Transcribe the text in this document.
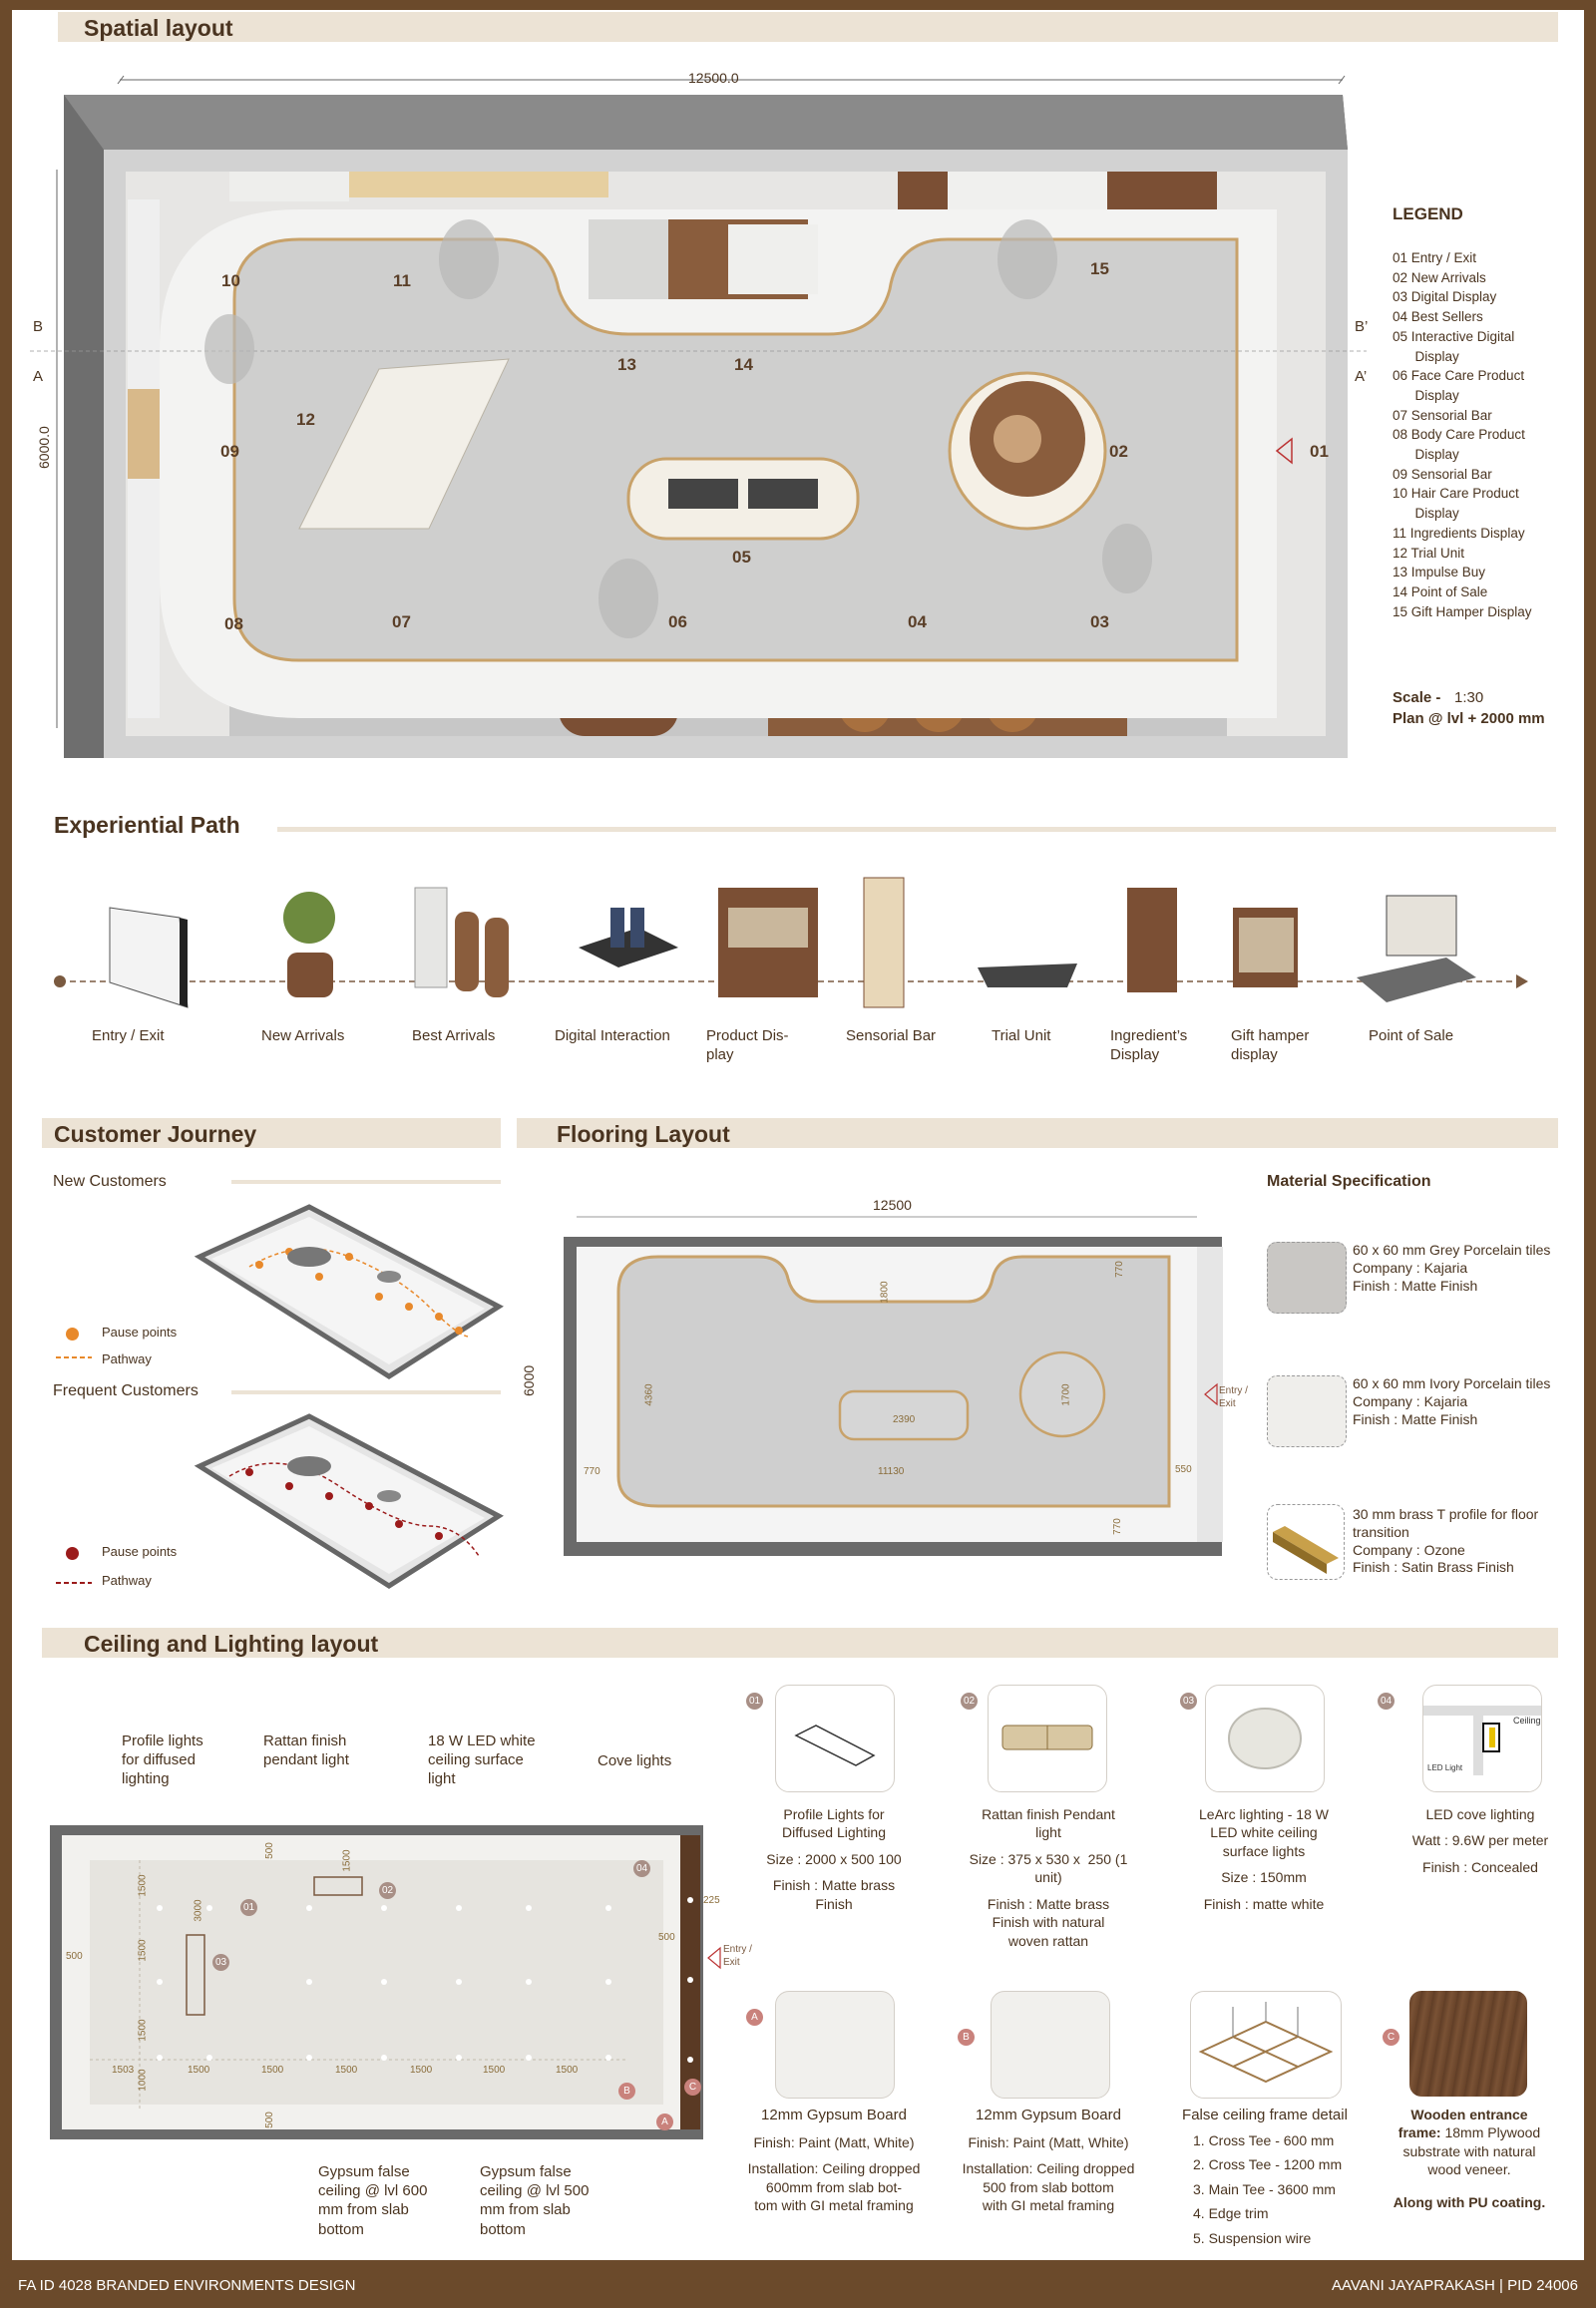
Spatial layout
12500.0
6000.0
B
A
B’
A’
01
02
03
04
05
06
07
08
09
10	11
12
13	14
15
LEGEND
01 Entry / Exit
02 New Arrivals
03 Digital Display
04 Best Sellers
05 Interactive Digital
Display
06 Face Care Product
Display
07 Sensorial Bar
08 Body Care Product
Display
09 Sensorial Bar
10 Hair Care Product
Display
11 Ingredients Display
12 Trial Unit
13 Impulse Buy
14 Point of Sale
15 Gift Hamper Display
Scale - 1:30
Plan @ lvl + 2000 mm
Experiential Path
Entry / Exit	New Arrivals	Best Arrivals	Digital Interaction	Product Dis-
play
Sensorial Bar	Trial Unit	Ingredient’s
Display
Gift hamper
display
Point of Sale
Customer Journey
New Customers
Pause points
Pathway
Frequent Customers
Pause points
Pathway
Flooring Layout
12500
6000
1800
770
4360
770
1700
2390
11130	550
770
Entry /
Exit
Material Specification
60 x 60 mm Grey Porcelain tiles
Company : Kajaria
Finish : Matte Finish
60 x 60 mm Ivory Porcelain tiles
Company : Kajaria
Finish : Matte Finish
30 mm brass T profile for floor transition
Company : Ozone
Finish : Satin Brass Finish
Ceiling and Lighting layout
Profile lights
for diffused
lighting
Rattan finish
pendant light
18 W LED white
ceiling surface
light
Cove lights
1503	1500	1500	1500	1500	1500	1500
1000
1500
1500
1500
500
3000
1500
500
225
500
500
Entry /
Exit
01
02
03
04
A
B	C
Gypsum false
ceiling @ lvl 600
mm from slab
bottom
Gypsum false
ceiling @ lvl 500
mm from slab
bottom
01
Profile Lights for
Diffused Lighting
Size : 2000 x 500 100
Finish : Matte brass
Finish
02
Rattan finish Pendant
light
Size : 375 x 530 x  250 (1
unit)
Finish : Matte brass
Finish with natural
woven rattan
03
LeArc lighting - 18 W
LED white ceiling
surface lights
Size : 150mm
Finish : matte white
04
Ceiling
LED Light
LED cove lighting
Watt : 9.6W per meter
Finish : Concealed
A
12mm Gypsum Board
Finish: Paint (Matt, White)
Installation: Ceiling dropped
600mm from slab bot-
tom with GI metal framing
B
12mm Gypsum Board
Finish: Paint (Matt, White)
Installation: Ceiling dropped
500 from slab bottom
with GI metal framing
False ceiling frame detail
1. Cross Tee - 600 mm
2. Cross Tee - 1200 mm
3. Main Tee - 3600 mm
4. Edge trim
5. Suspension wire
C
Wooden entrance
frame: 18mm Plywood
substrate with natural
wood veneer.
Along with PU coating.
FA ID 4028 BRANDED ENVIRONMENTS DESIGN	AAVANI JAYAPRAKASH | PID 24006
